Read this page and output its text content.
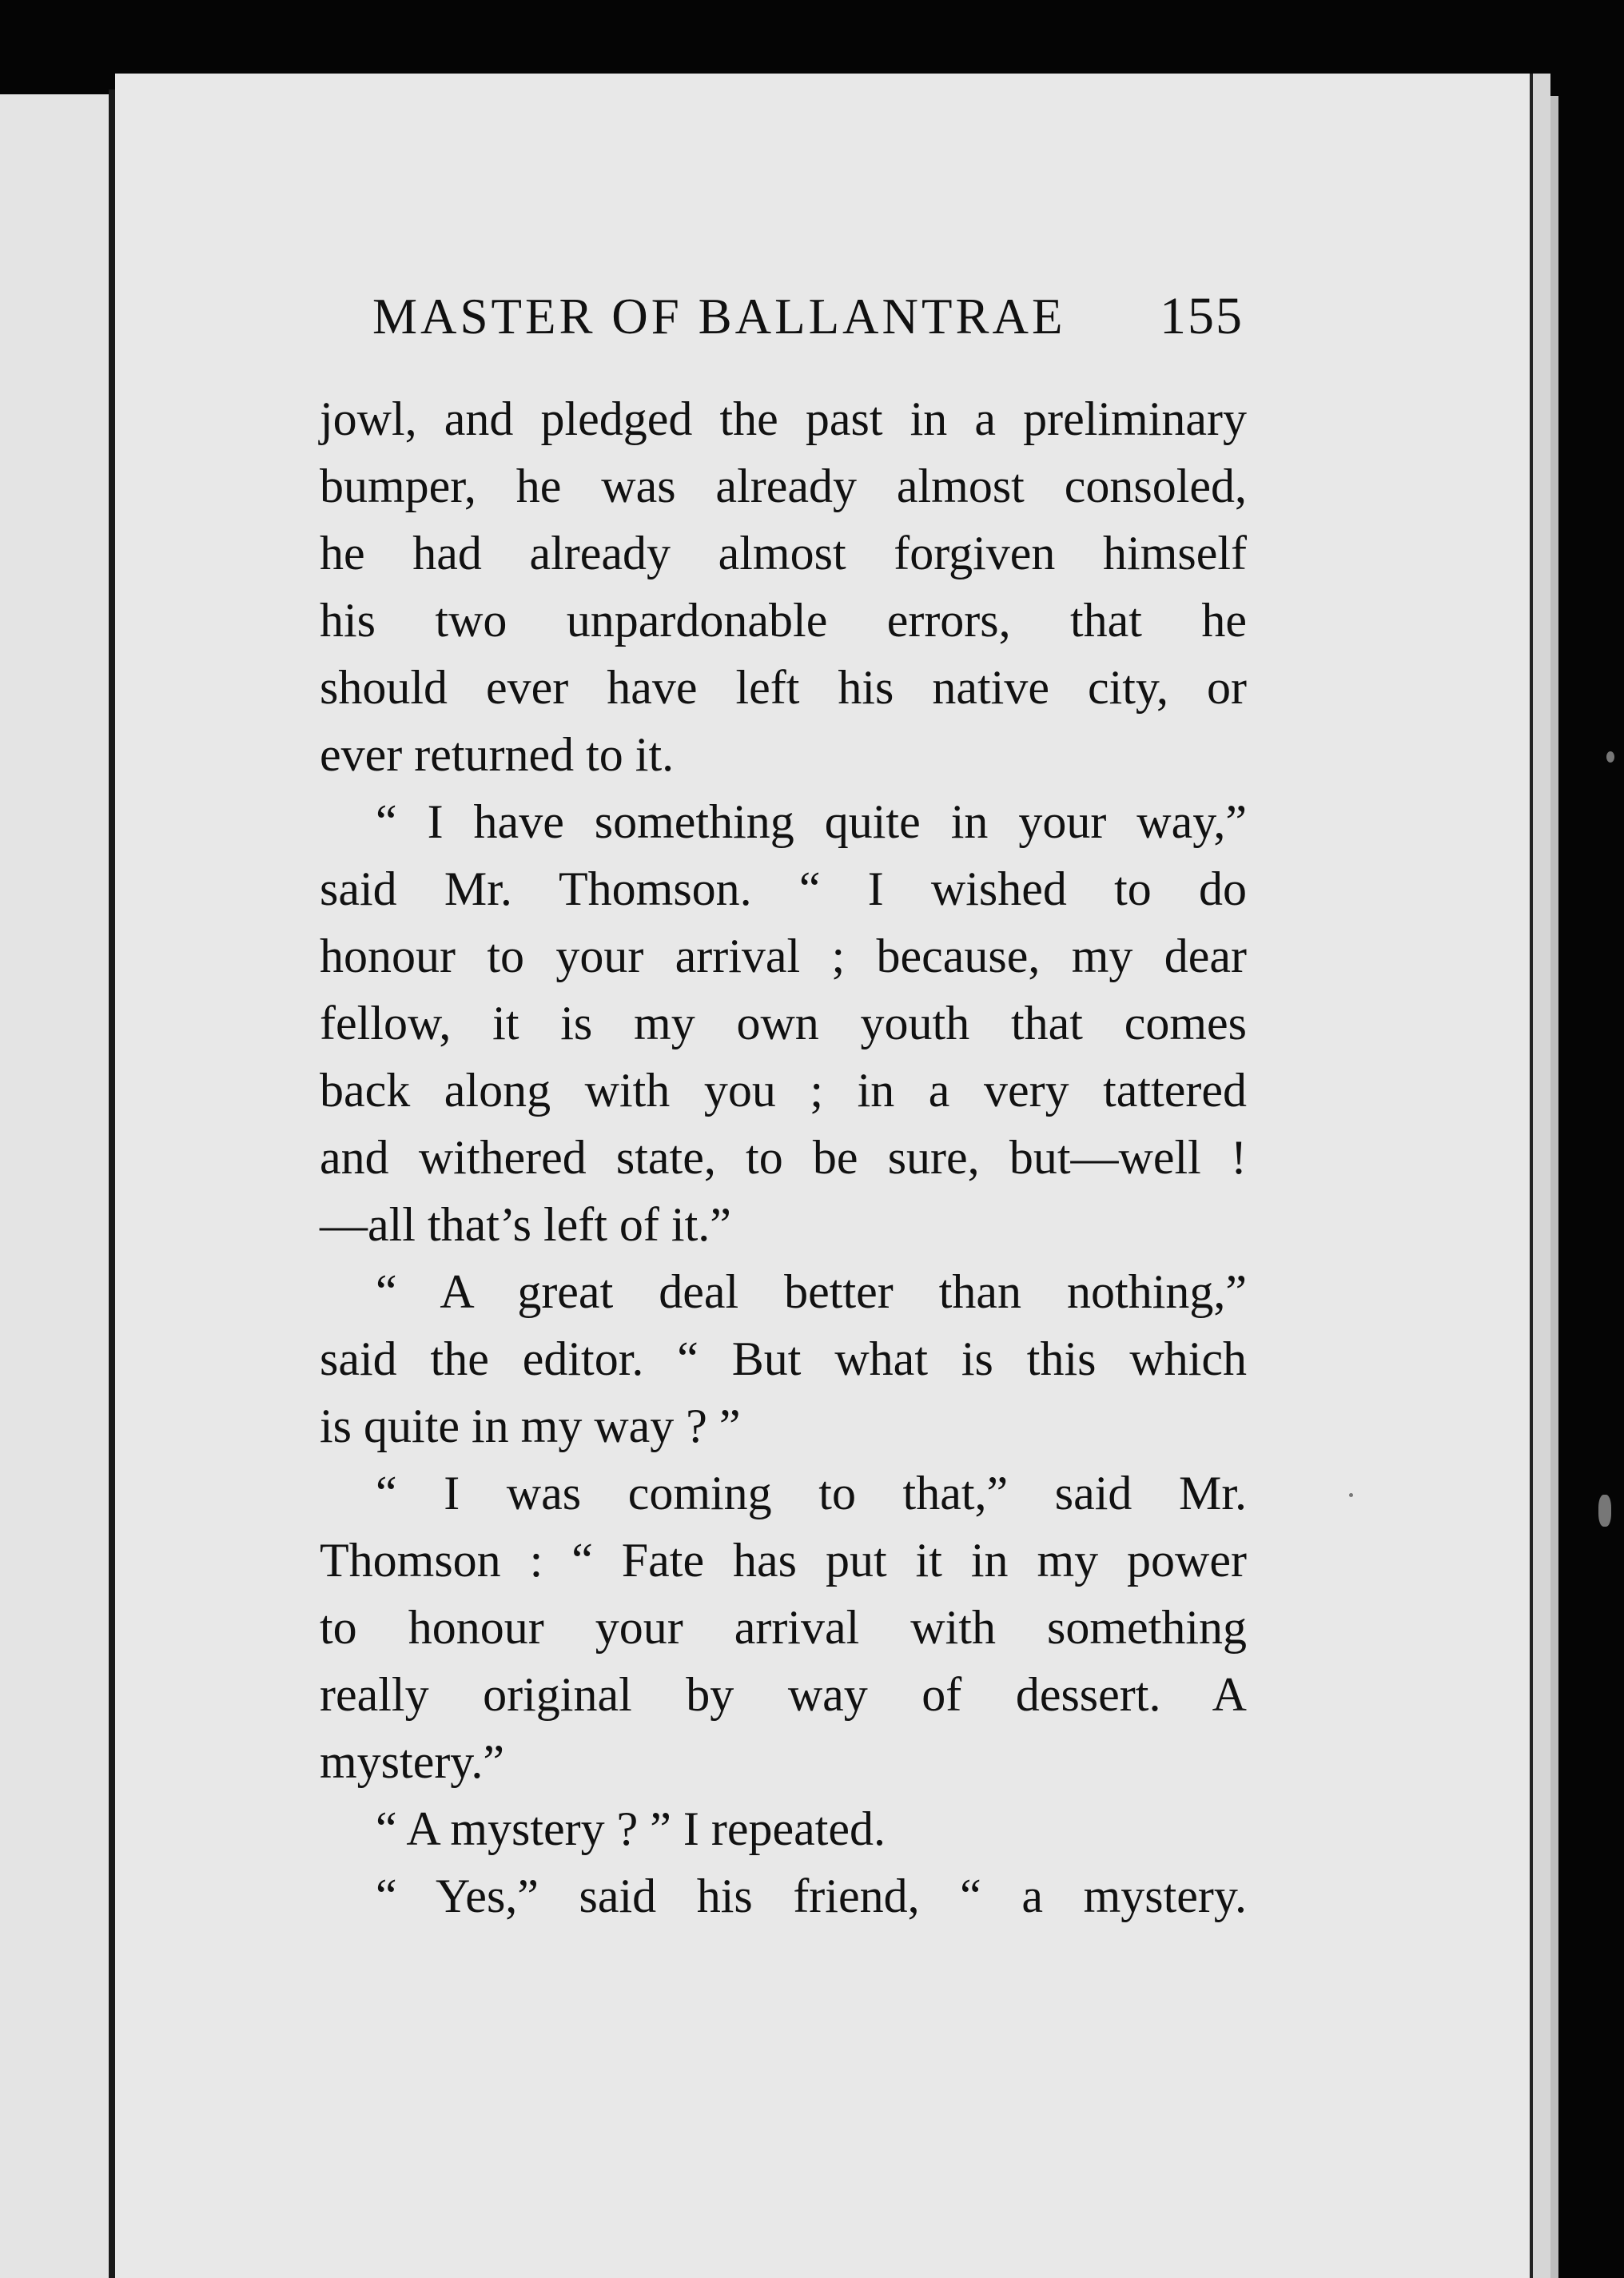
MASTER OF BALLANTRAE 155
jowl, and pledged the past in a preliminary
bumper, he was already almost consoled,
he had already almost forgiven himself
his two unpardonable errors, that he
should ever have left his native city, or
ever returned to it.
“ I have something quite in your way,”
said Mr. Thomson. “ I wished to do
honour to your arrival ; because, my dear
fellow, it is my own youth that comes
back along with you ; in a very tattered
and withered state, to be sure, but—well !
—all that’s left of it.”
“ A great deal better than nothing,”
said the editor. “ But what is this which
is quite in my way ? ”
“ I was coming to that,” said Mr.
Thomson : “ Fate has put it in my power
to honour your arrival with something
really original by way of dessert. A
mystery.”
“ A mystery ? ” I repeated.
“ Yes,” said his friend, “ a mystery.
